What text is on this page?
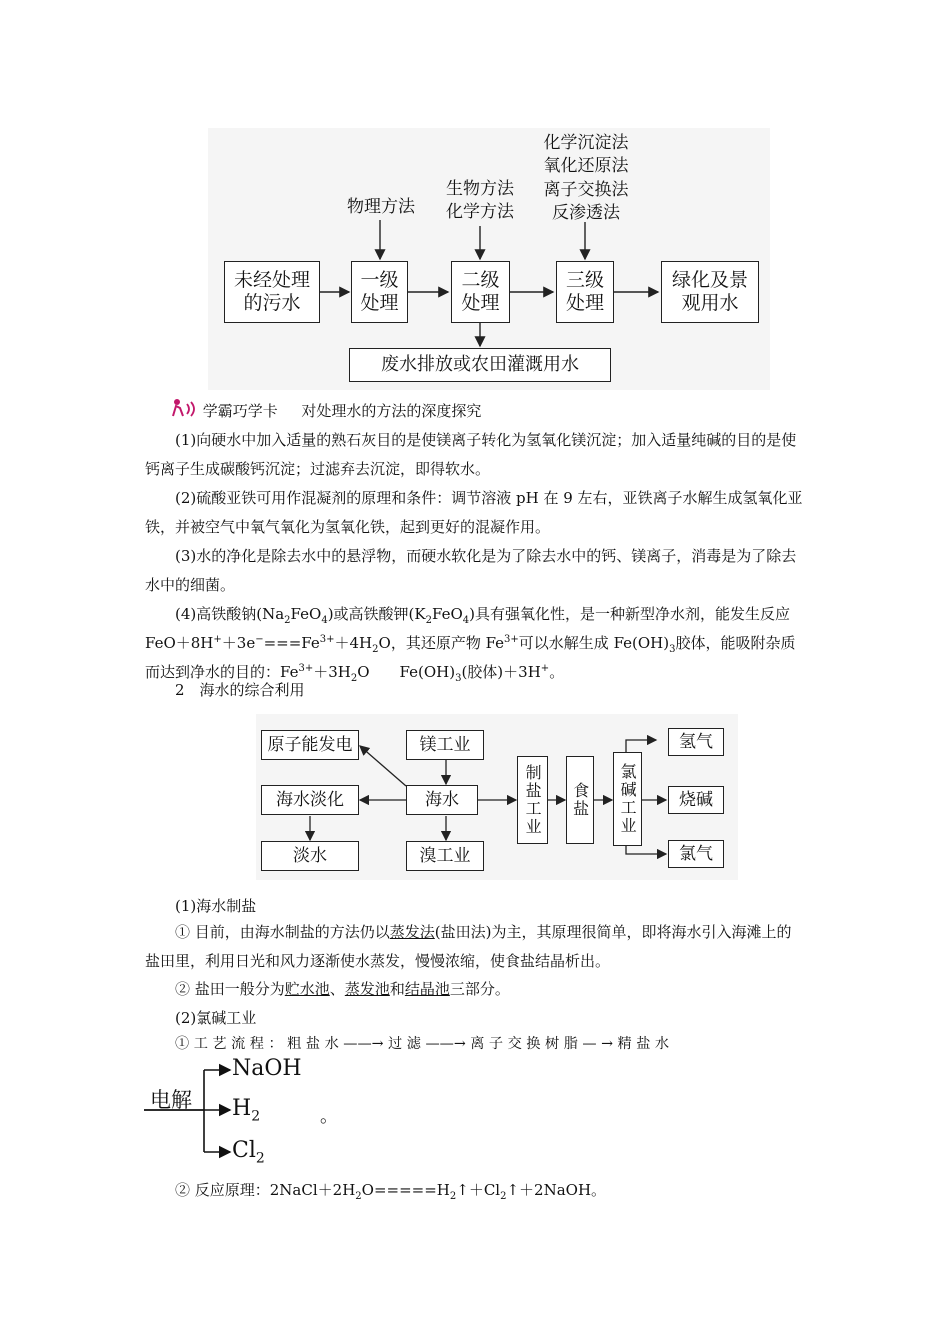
物理方法
生物方法
化学方法
化学沉淀法
氧化还原法
离子交换法
反渗透法
未经处理
的污水
一级
处理
二级
处理
三级
处理
绿化及景
观用水
废水排放或农田灌溉用水
学霸巧学卡 对处理水的方法的深度探究
(1)向硬水中加入适量的熟石灰目的是使镁离子转化为氢氧化镁沉淀；加入适量纯碱的目的是使钙离子生成碳酸钙沉淀；过滤弃去沉淀，即得软水。
(2)硫酸亚铁可用作混凝剂的原理和条件：调节溶液 pH 在 9 左右，亚铁离子水解生成氢氧化亚铁，并被空气中氧气氧化为氢氧化铁，起到更好的混凝作用。
(3)水的净化是除去水中的悬浮物，而硬水软化是为了除去水中的钙、镁离子，消毒是为了除去水中的细菌。
(4)高铁酸钠$(Na_2FeO_4)$或高铁酸钾$(K_2FeO_4)$具有强氧化性，是一种新型净水剂，能发生反应 $FeO+8H^++3e^-===Fe^{3+}+4H_2O$，其还原产物 $Fe^{3+}$可以水解生成 $Fe(OH)_3$胶体，能吸附杂质而达到净水的目的：$Fe^{3+}+3H_2O$　　$Fe(OH)_3$(胶体)＋3H+。
2　海水的综合利用
原子能发电	镁工业
海水淡化	海水
淡水	溴工业
制盐工业	食盐	氯碱工业
氢气
烧碱
氯气
(1)海水制盐
① 目前，由海水制盐的方法仍以蒸发法(盐田法)为主，其原理很简单，即将海水引入海滩上的盐田里，利用日光和风力逐渐使水蒸发，慢慢浓缩，使食盐结晶析出。
② 盐田一般分为贮水池、蒸发池和结晶池三部分。
(2)氯碱工业
① 工 艺 流 程 ： 粗 盐 水 ——→ 过 滤 ——→ 离 子 交 换 树 脂 — → 精 盐 水
电解
NaOH
$H_2$
$Cl_2$
。
② 反应原理：$2NaCl+2H_2O=====H_2↑+Cl_2↑+2NaOH$。
